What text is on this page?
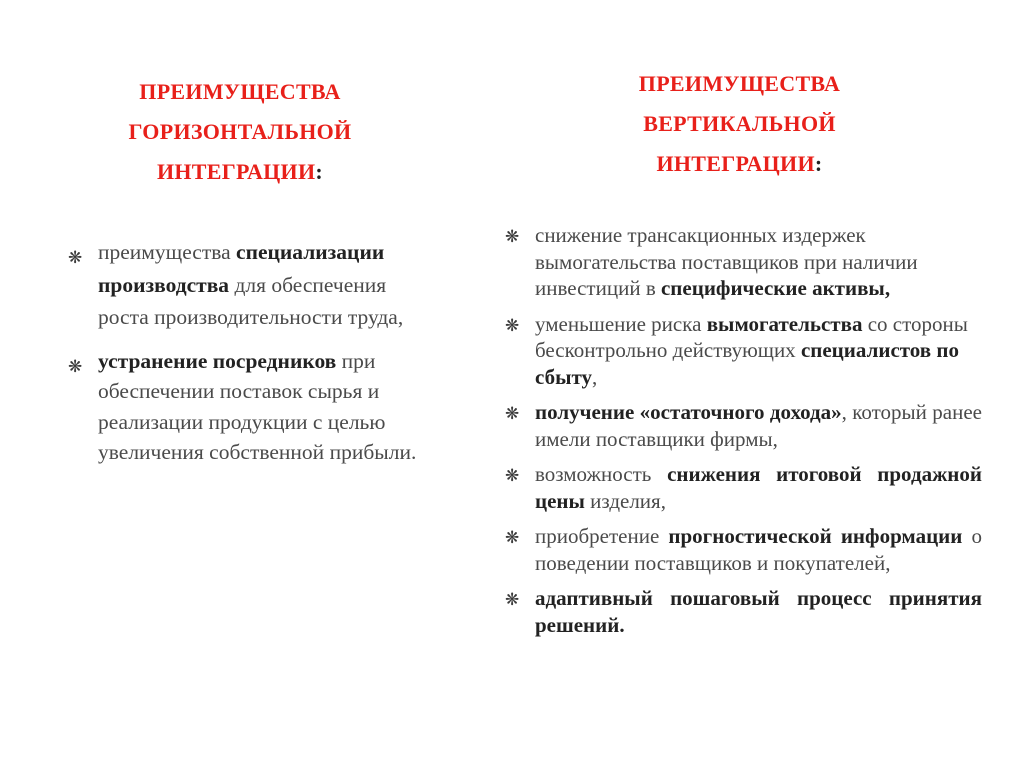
ПРЕИМУЩЕСТВА
ГОРИЗОНТАЛЬНОЙ
ИНТЕГРАЦИИ:
❋ преимущества специализации производства для обеспечения роста производительности труда,
❋ устранение посредников при обеспечении поставок сырья и реализации продукции с целью увеличения собственной прибыли.
ПРЕИМУЩЕСТВА
ВЕРТИКАЛЬНОЙ
ИНТЕГРАЦИИ:
❋ снижение трансакционных издержек вымогательства поставщиков при наличии инвестиций в специфические активы,
❋ уменьшение риска вымогательства со стороны бесконтрольно действующих специалистов по сбыту,
❋ получение «остаточного дохода», который ранее имели поставщики фирмы,
❋ возможность снижения итоговой продажной цены изделия,
❋ приобретение прогностической информации о поведении поставщиков и покупателей,
❋ адаптивный пошаговый процесс принятия решений.
